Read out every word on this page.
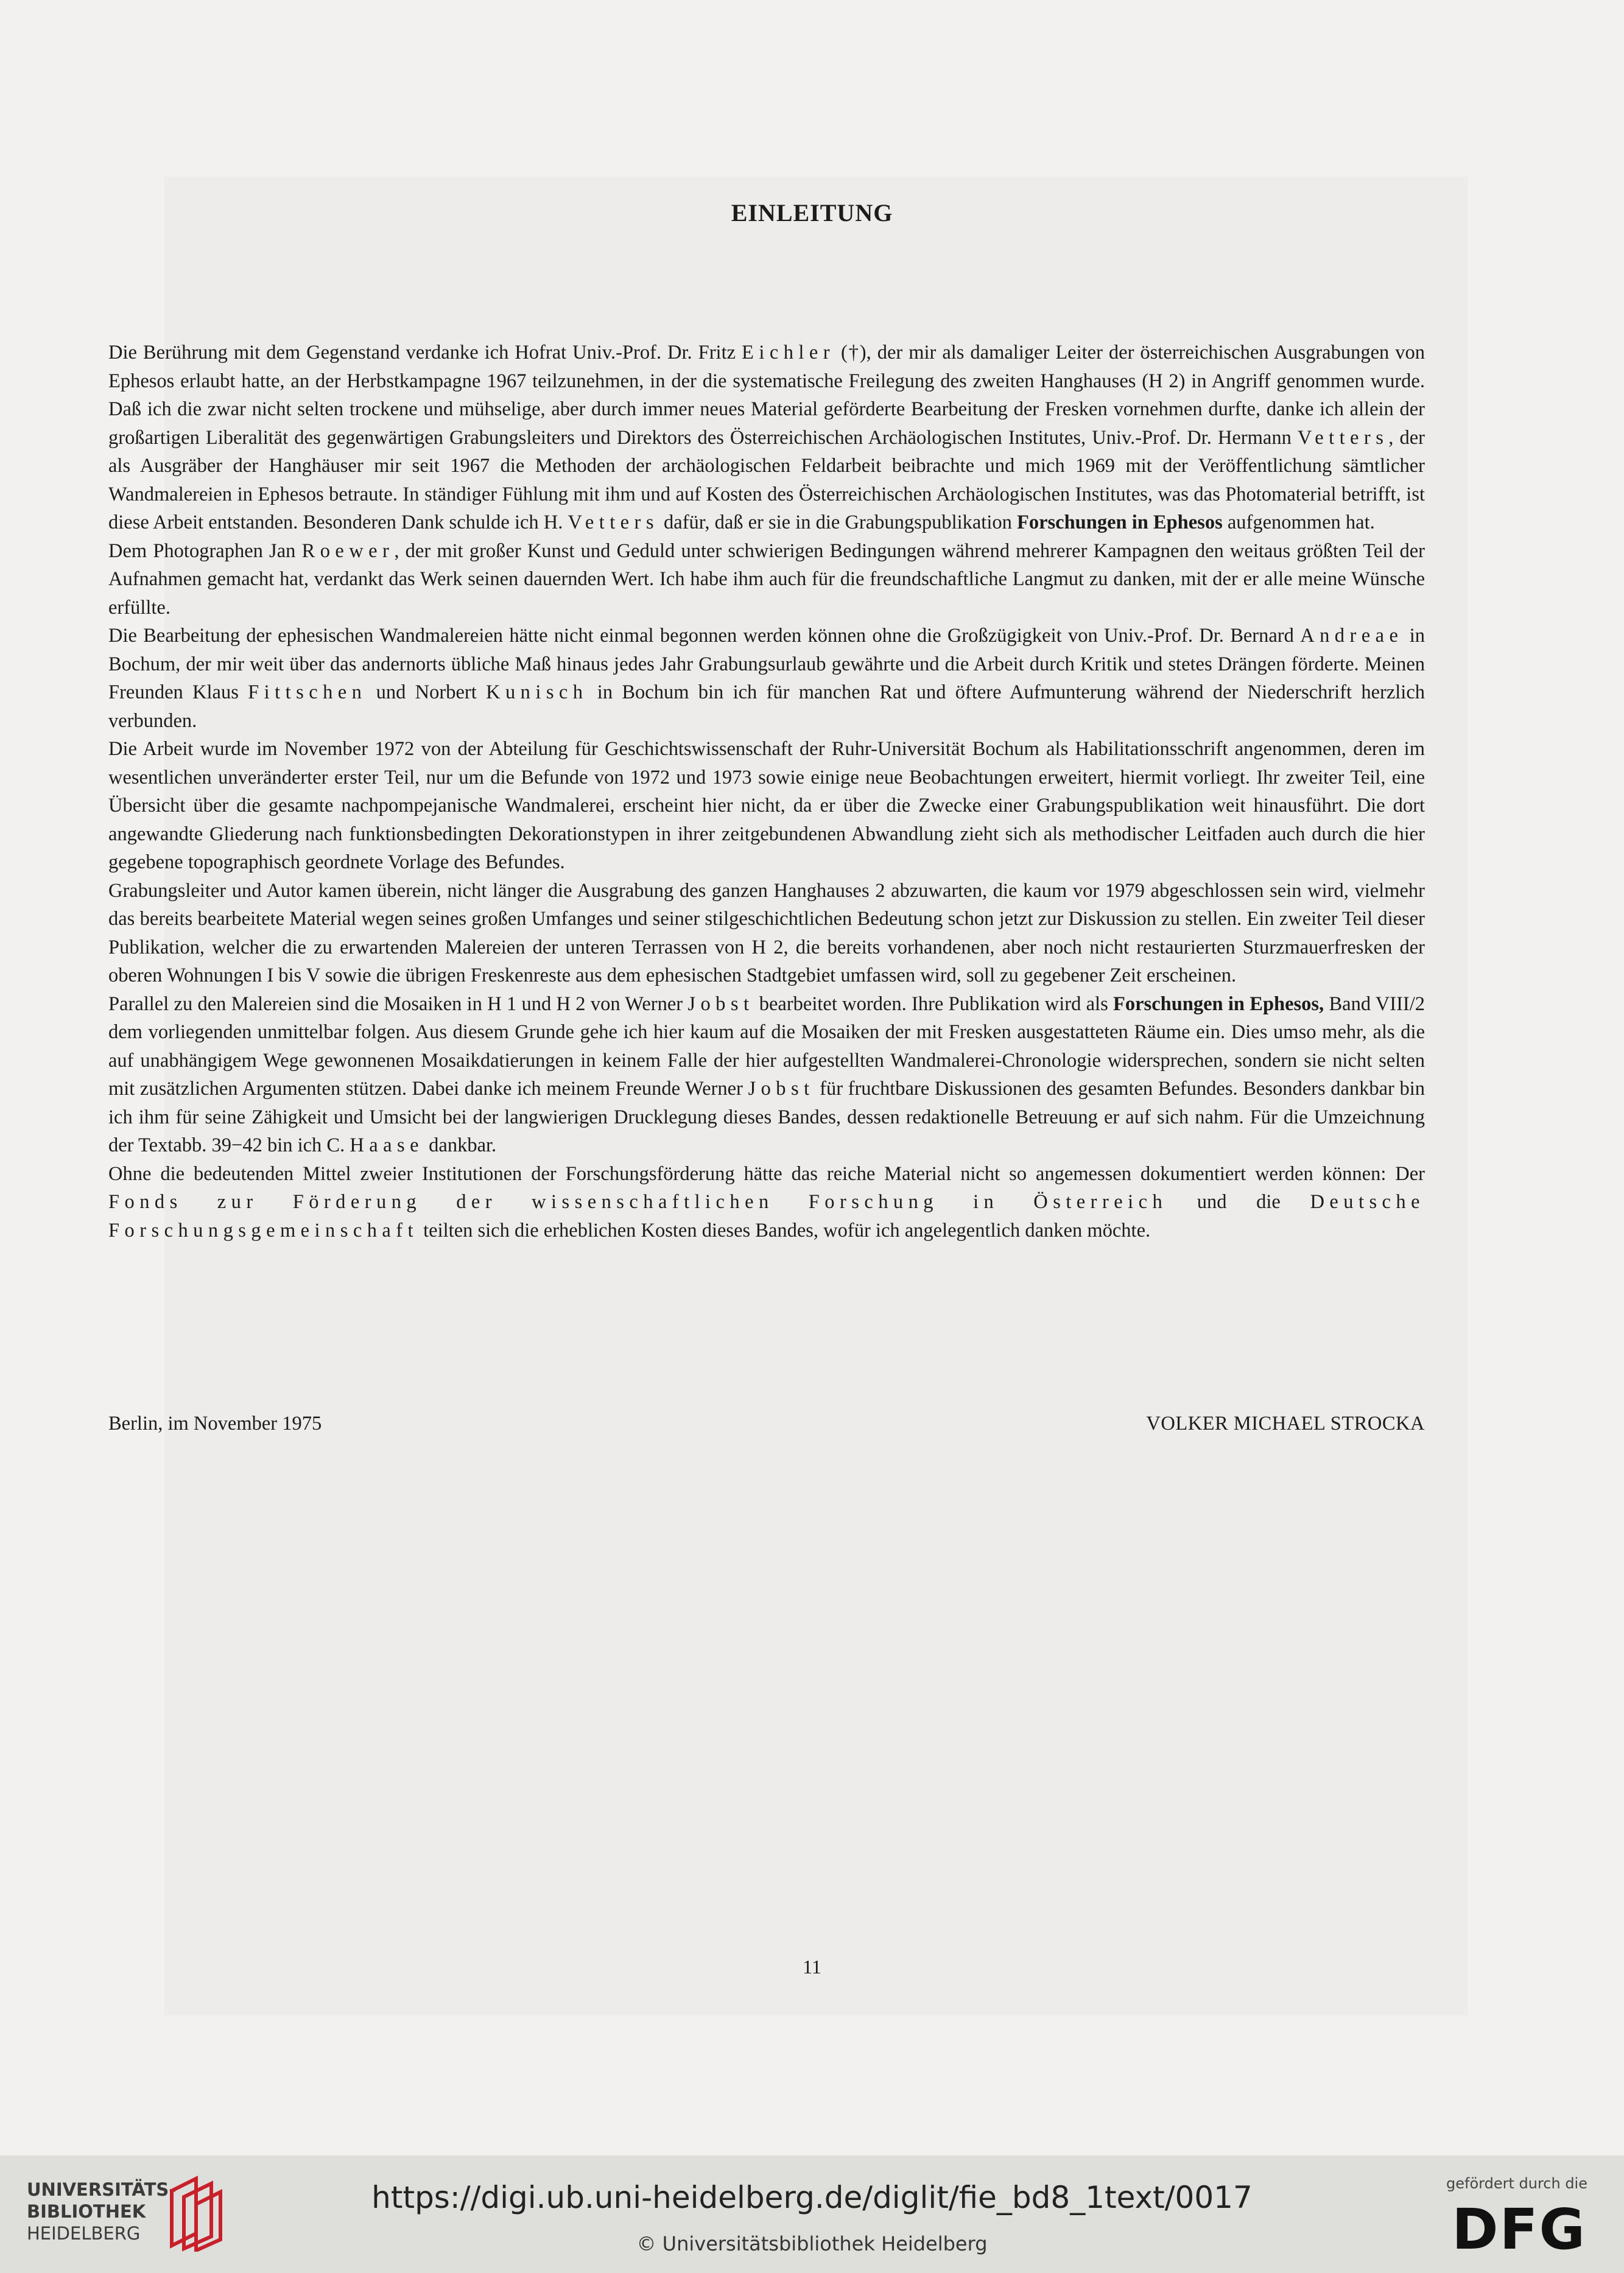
EINLEITUNG

Die Berührung mit dem Gegenstand verdanke ich Hofrat Univ.-Prof. Dr. Fritz Eichler (†), der mir als damaliger Leiter der österreichischen Ausgrabungen von Ephesos erlaubt hatte, an der Herbstkampagne 1967 teilzunehmen, in der die systematische Freilegung des zweiten Hanghauses (H 2) in Angriff genommen wurde. Daß ich die zwar nicht selten trockene und mühselige, aber durch immer neues Material geförderte Bearbeitung der Fresken vornehmen durfte, danke ich allein der großartigen Liberalität des gegenwärtigen Grabungsleiters und Direktors des Österreichischen Archäologischen Institutes, Univ.-Prof. Dr. Hermann Vetters, der als Ausgräber der Hanghäuser mir seit 1967 die Methoden der archäologischen Feldarbeit beibrachte und mich 1969 mit der Veröffentlichung sämtlicher Wandmalereien in Ephesos betraute. In ständiger Fühlung mit ihm und auf Kosten des Österreichischen Archäologischen Institutes, was das Photomaterial betrifft, ist diese Arbeit entstanden. Besonderen Dank schulde ich H. Vetters dafür, daß er sie in die Grabungspublikation Forschungen in Ephesos aufgenommen hat.

Dem Photographen Jan Roewer, der mit großer Kunst und Geduld unter schwierigen Bedingungen während mehrerer Kampagnen den weitaus größten Teil der Aufnahmen gemacht hat, verdankt das Werk seinen dauernden Wert. Ich habe ihm auch für die freundschaftliche Langmut zu danken, mit der er alle meine Wünsche erfüllte.

Die Bearbeitung der ephesischen Wandmalereien hätte nicht einmal begonnen werden können ohne die Großzügigkeit von Univ.-Prof. Dr. Bernard Andreae in Bochum, der mir weit über das andernorts übliche Maß hinaus jedes Jahr Grabungsurlaub gewährte und die Arbeit durch Kritik und stetes Drängen förderte. Meinen Freunden Klaus Fittschen und Norbert Kunisch in Bochum bin ich für manchen Rat und öftere Aufmunterung während der Niederschrift herzlich verbunden.

Die Arbeit wurde im November 1972 von der Abteilung für Geschichtswissenschaft der Ruhr-Universität Bochum als Habilitationsschrift angenommen, deren im wesentlichen unveränderter erster Teil, nur um die Befunde von 1972 und 1973 sowie einige neue Beobachtungen erweitert, hiermit vorliegt. Ihr zweiter Teil, eine Übersicht über die gesamte nachpompejanische Wandmalerei, erscheint hier nicht, da er über die Zwecke einer Grabungspublikation weit hinausführt. Die dort angewandte Gliederung nach funktionsbedingten Dekorationstypen in ihrer zeitgebundenen Abwandlung zieht sich als methodischer Leitfaden auch durch die hier gegebene topographisch geordnete Vorlage des Befundes.

Grabungsleiter und Autor kamen überein, nicht länger die Ausgrabung des ganzen Hanghauses 2 abzuwarten, die kaum vor 1979 abgeschlossen sein wird, vielmehr das bereits bearbeitete Material wegen seines großen Umfanges und seiner stilgeschichtlichen Bedeutung schon jetzt zur Diskussion zu stellen. Ein zweiter Teil dieser Publikation, welcher die zu erwartenden Malereien der unteren Terrassen von H 2, die bereits vorhandenen, aber noch nicht restaurierten Sturzmauerfresken der oberen Wohnungen I bis V sowie die übrigen Freskenreste aus dem ephesischen Stadtgebiet umfassen wird, soll zu gegebener Zeit erscheinen.

Parallel zu den Malereien sind die Mosaiken in H 1 und H 2 von Werner Jobst bearbeitet worden. Ihre Publikation wird als Forschungen in Ephesos, Band VIII/2 dem vorliegenden unmittelbar folgen. Aus diesem Grunde gehe ich hier kaum auf die Mosaiken der mit Fresken ausgestatteten Räume ein. Dies umso mehr, als die auf unabhängigem Wege gewonnenen Mosaikdatierungen in keinem Falle der hier aufgestellten Wandmalerei-Chronologie widersprechen, sondern sie nicht selten mit zusätzlichen Argumenten stützen. Dabei danke ich meinem Freunde Werner Jobst für fruchtbare Diskussionen des gesamten Befundes. Besonders dankbar bin ich ihm für seine Zähigkeit und Umsicht bei der langwierigen Drucklegung dieses Bandes, dessen redaktionelle Betreuung er auf sich nahm. Für die Umzeichnung der Textabb. 39−42 bin ich C. Haase dankbar.

Ohne die bedeutenden Mittel zweier Institutionen der Forschungsförderung hätte das reiche Material nicht so angemessen dokumentiert werden können: Der Fonds zur Förderung der wissenschaftlichen Forschung in Österreich und die Deutsche Forschungsgemeinschaft teilten sich die erheblichen Kosten dieses Bandes, wofür ich angelegentlich danken möchte.

Berlin, im November 1975	VOLKER MICHAEL STROCKA
11
UNIVERSITÄTS-
BIBLIOTHEK
HEIDELBERG
https://digi.ub.uni-heidelberg.de/diglit/fie_bd8_1text/0017
© Universitätsbibliothek Heidelberg
gefördert durch die
DFG
